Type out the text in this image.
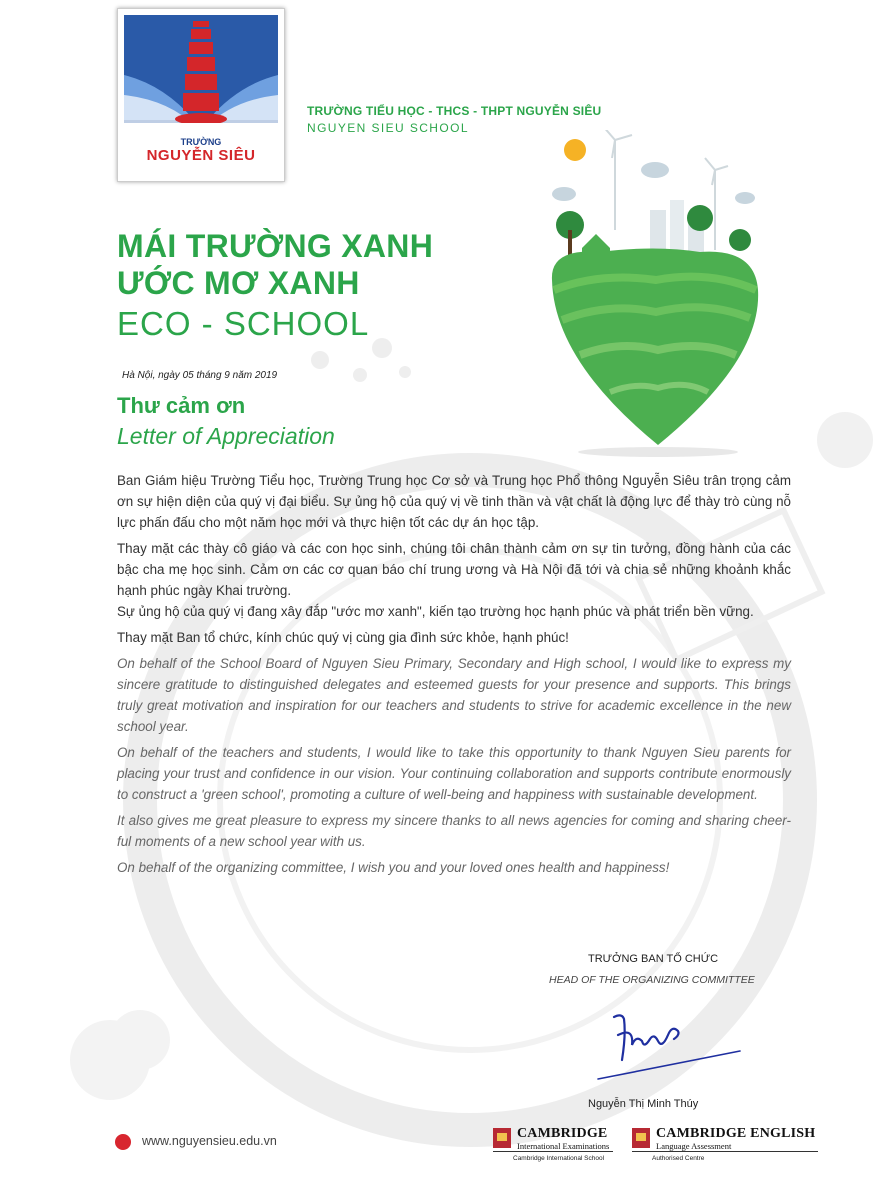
TRƯỜNG
NGUYỄN SIÊU
TRƯỜNG TIỂU HỌC - THCS - THPT NGUYỄN SIÊU
NGUYEN SIEU SCHOOL
MÁI TRƯỜNG XANH
ƯỚC MƠ XANH
ECO - SCHOOL
Hà Nội, ngày 05 tháng 9 năm 2019
Thư cảm ơn
Letter of Appreciation

Ban Giám hiệu Trường Tiểu học, Trường Trung học Cơ sở và Trung học Phổ thông Nguyễn Siêu trân trọng cảm ơn sự hiện diện của quý vị đại biểu. Sự ủng hộ của quý vị về tinh thần và vật chất là động lực để thày trò cùng nỗ lực phấn đấu cho một năm học mới và thực hiện tốt các dự án học tập.

Thay mặt các thày cô giáo và các con học sinh, chúng tôi chân thành cảm ơn sự tin tưởng, đồng hành của các bậc cha mẹ học sinh. Cảm ơn các cơ quan báo chí trung ương và Hà Nội đã tới và chia sẻ những khoảnh khắc hạnh phúc ngày Khai trường.

Sự ủng hộ của quý vị đang xây đắp "ước mơ xanh", kiến tạo trường học hạnh phúc và phát triển bền vững.

Thay mặt Ban tổ chức, kính chúc quý vị cùng gia đình sức khỏe, hạnh phúc!

On behalf of the School Board of Nguyen Sieu Primary, Secondary and High school, I would like to express my sincere gratitude to distinguished delegates and esteemed guests for your presence and supports. This brings truly great motivation and inspiration for our teachers and students to strive for academic excellence in the new school year.

On behalf of the teachers and students, I would like to take this opportunity to thank Nguyen Sieu parents for placing your trust and confidence in our vision. Your continuing collaboration and supports contribute enormously to construct a 'green school', promoting a culture of well-being and happiness with sustainable development.

It also gives me great pleasure to express my sincere thanks to all news agencies for coming and sharing cheer-ful moments of a new school year with us.

On behalf of the organizing committee, I wish you and your loved ones health and happiness!

TRƯỞNG BAN TỔ CHỨC
HEAD OF THE ORGANIZING COMMITTEE
Nguyễn Thị Minh Thúy
www.nguyensieu.edu.vn	CAMBRIDGE
International Examinations
Cambridge International School
CAMBRIDGE ENGLISH
Language Assessment
Authorised Centre
